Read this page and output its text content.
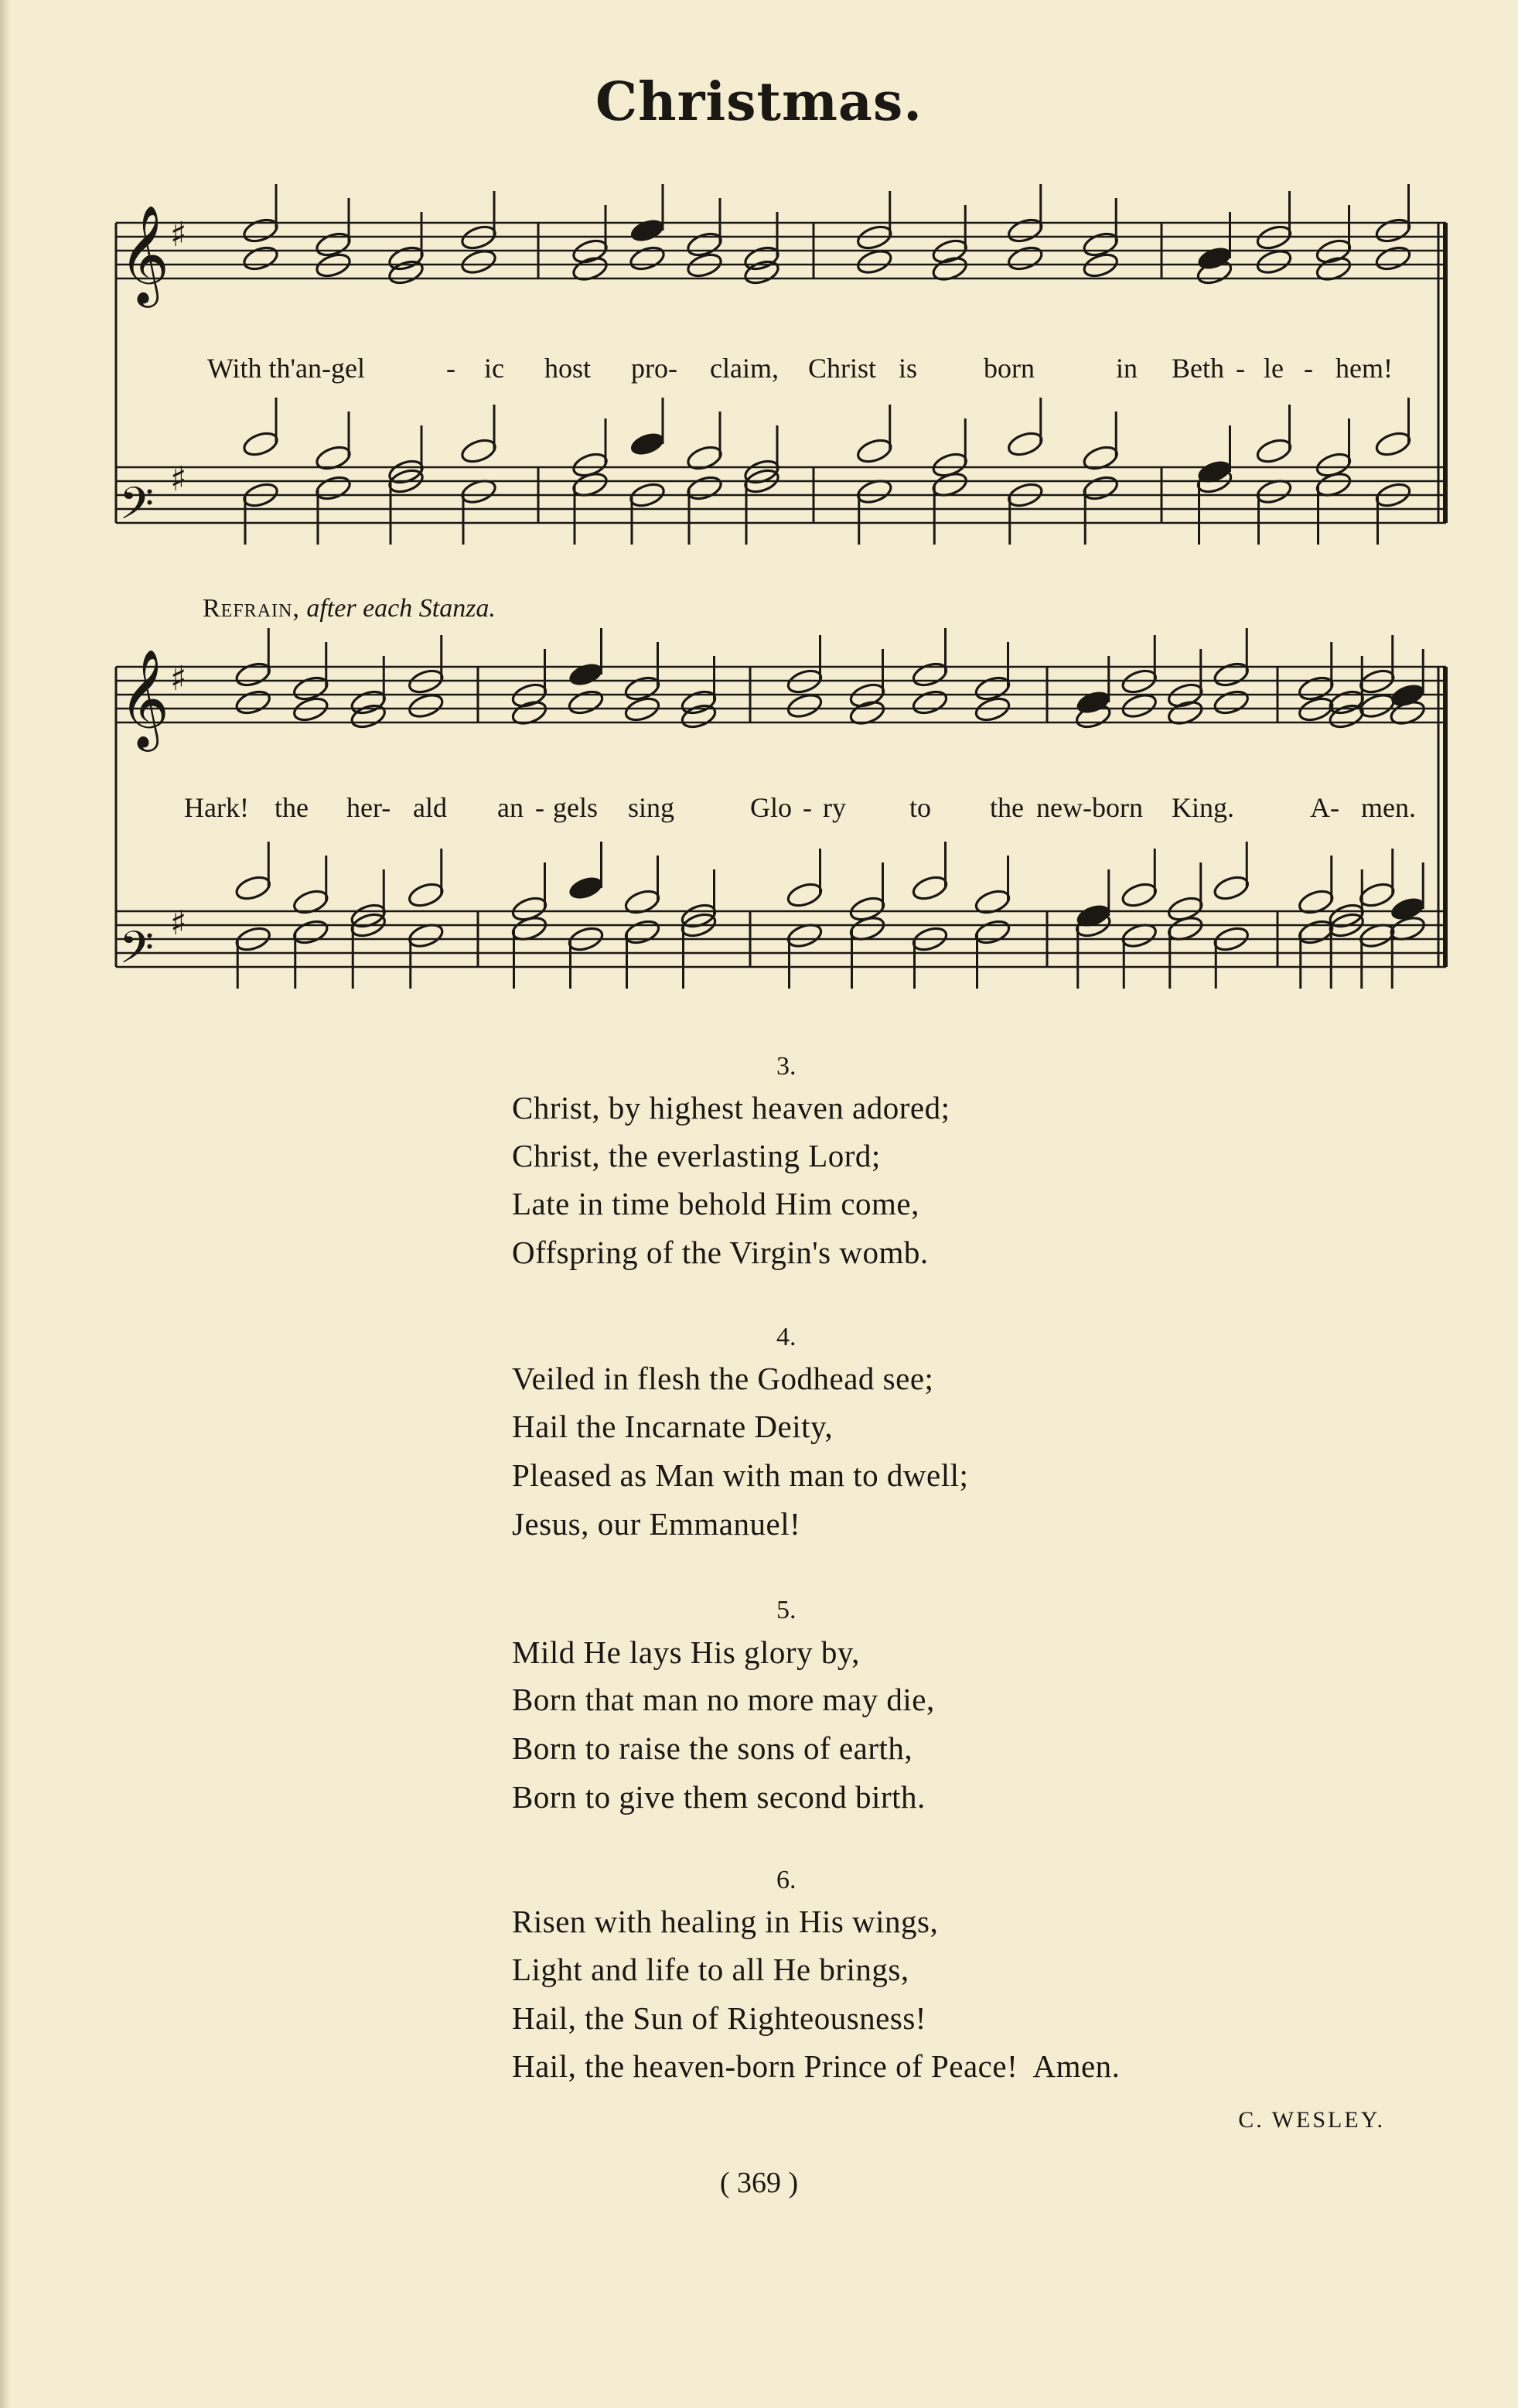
Christmas.
𝄞 ♯
𝄢 ♯
𝄞 ♯
𝄢 ♯
With th'an-gel	- ic host pro- claim, Christ is born	in Beth - le - hem!
Refrain, after each Stanza.
Hark! the her- ald an - gels sing	Glo - ry to the new-born King.	A- men.
3.
Christ, by highest heaven adored;
Christ, the everlasting Lord;
Late in time behold Him come,
Offspring of the Virgin's womb.
4.
Veiled in flesh the Godhead see;
Hail the Incarnate Deity,
Pleased as Man with man to dwell;
Jesus, our Emmanuel!
5.
Mild He lays His glory by,
Born that man no more may die,
Born to raise the sons of earth,
Born to give them second birth.
6.
Risen with healing in His wings,
Light and life to all He brings,
Hail, the Sun of Righteousness!
Hail, the heaven-born Prince of Peace!  Amen.
C. WESLEY.
( 369 )
